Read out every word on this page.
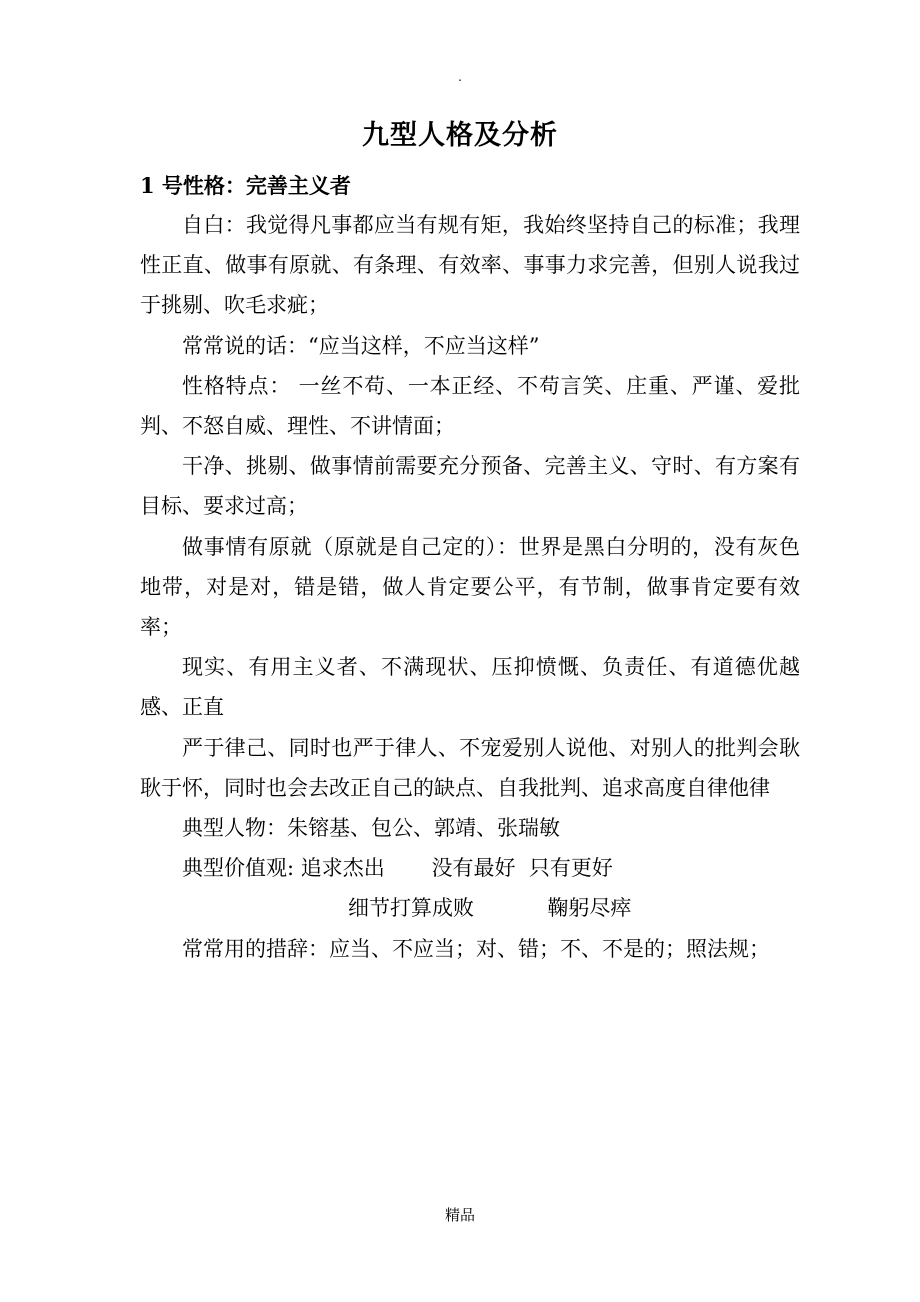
.
九型人格及分析
1 号性格：完善主义者

自白：我觉得凡事都应当有规有矩，我始终坚持自己的标准；我理性正直、做事有原就、有条理、有效率、事事力求完善，但别人说我过于挑剔、吹毛求疵；

常常说的话：“应当这样，不应当这样”

性格特点： 一丝不苟、一本正经、不苟言笑、庄重、严谨、爱批判、不怒自威、理性、不讲情面；

干净、挑剔、做事情前需要充分预备、完善主义、守时、有方案有目标、要求过高；

做事情有原就（原就是自己定的）：世界是黑白分明的，没有灰色地带，对是对，错是错，做人肯定要公平，有节制，做事肯定要有效率；

现实、有用主义者、不满现状、压抑愤慨、负责任、有道德优越感、正直

严于律己、同时也严于律人、不宠爱别人说他、对别人的批判会耿耿于怀，同时也会去改正自己的缺点、自我批判、追求高度自律他律

典型人物：朱镕基、包公、郭靖、张瑞敏

典型价值观: 追求杰出       没有最好  只有更好

细节打算成败           鞠躬尽瘁

常常用的措辞：应当、不应当；对、错；不、不是的；照法规；

精品
